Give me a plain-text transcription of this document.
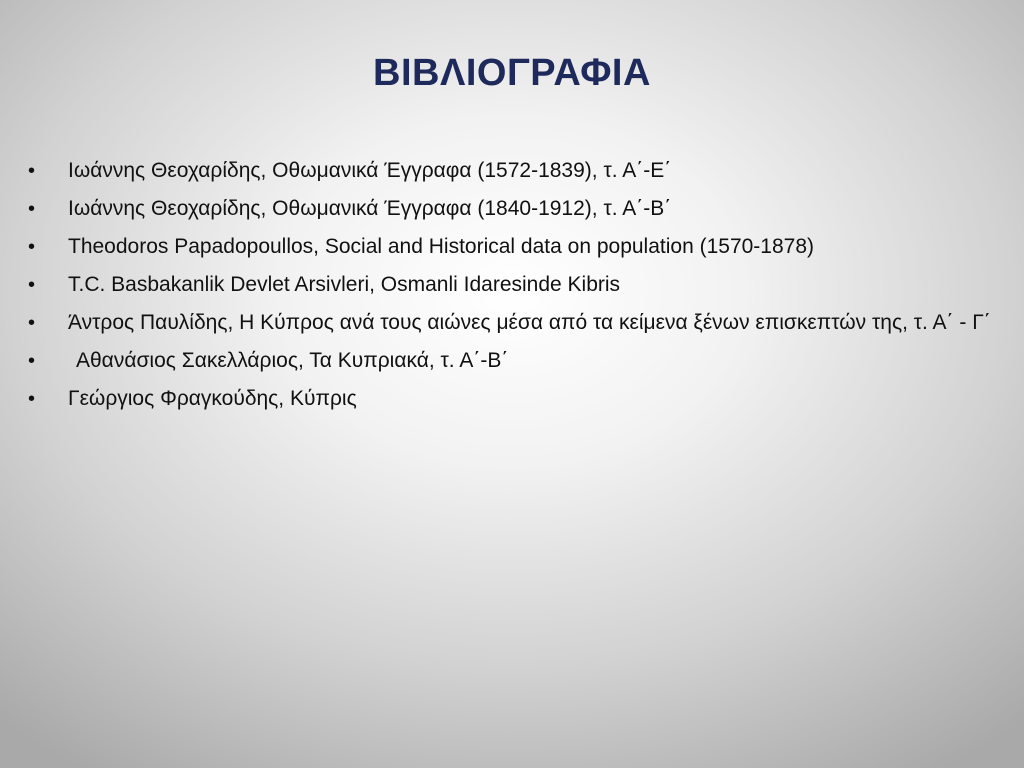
ΒΙΒΛΙΟΓΡΑΦΙΑ
•	Ιωάννης Θεοχαρίδης, Οθωμανικά Έγγραφα (1572-1839), τ. Α΄-Ε΄
•	Ιωάννης Θεοχαρίδης, Οθωμανικά Έγγραφα (1840-1912), τ. Α΄-Β΄
•	Theodoros Papadopoullos, Social and Historical data on population (1570-1878)
•	T.C. Basbakanlik Devlet Arsivleri, Osmanli Idaresinde Kibris
•	Άντρος Παυλίδης, Η Κύπρος ανά τους αιώνες μέσα από τα κείμενα ξένων επισκεπτών της, τ. Α΄ - Γ΄
•	Αθανάσιος Σακελλάριος, Τα Κυπριακά, τ. Α΄-Β΄
•	Γεώργιος Φραγκούδης, Κύπρις
